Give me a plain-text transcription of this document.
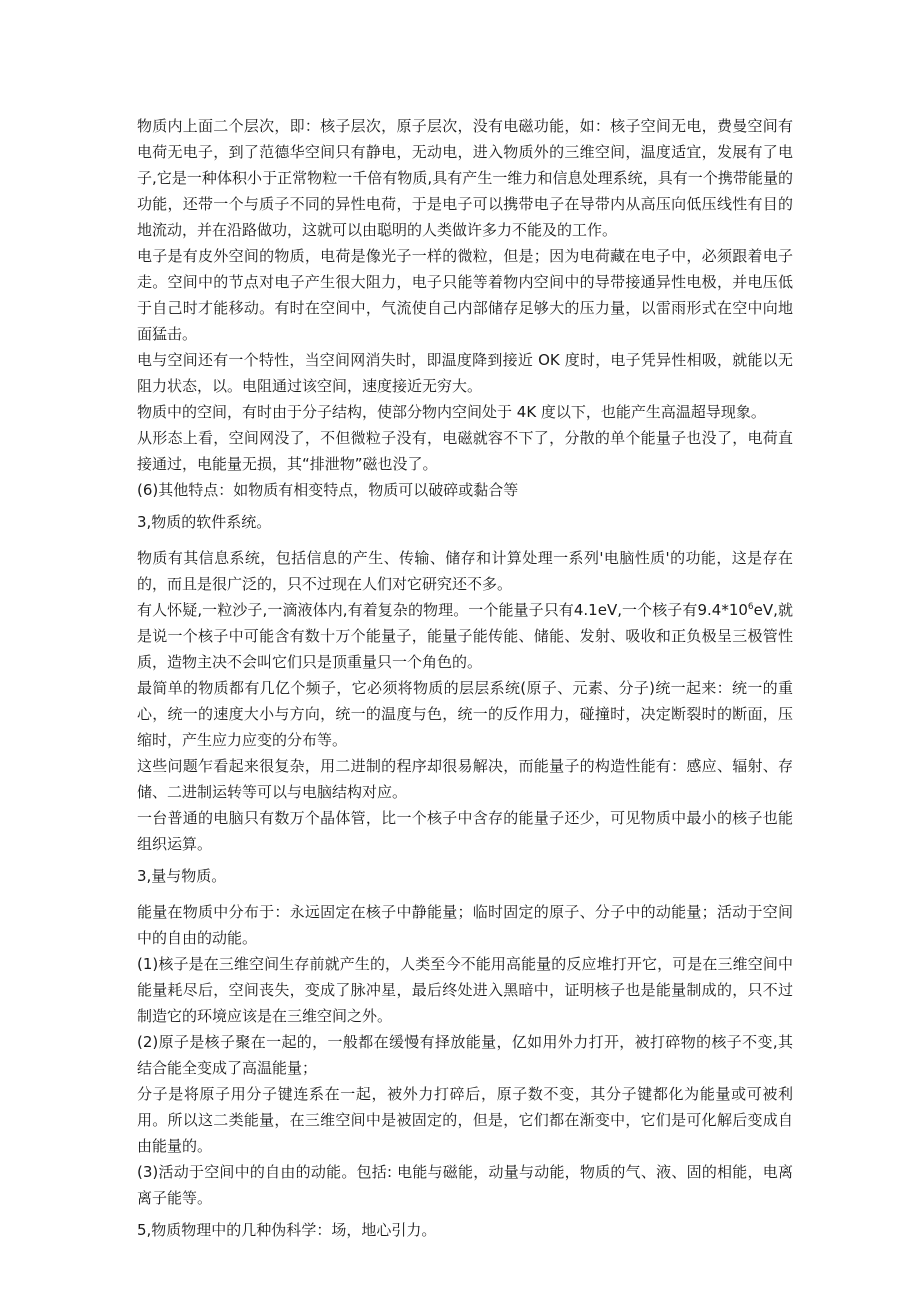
物质内上面二个层次，即：核子层次，原子层次，没有电磁功能，如：核子空间无电，费曼空间有电荷无电子，到了范德华空间只有静电，无动电，进入物质外的三维空间，温度适宜，发展有了电子,它是一种体积小于正常物粒一千倍有物质,具有产生一维力和信息处理系统，具有一个携带能量的功能，还带一个与质子不同的异性电荷，于是电子可以携带电子在导带内从高压向低压线性有目的地流动，并在沿路做功，这就可以由聪明的人类做许多力不能及的工作。

电子是有皮外空间的物质，电荷是像光子一样的微粒，但是；因为电荷藏在电子中，必须跟着电子走。空间中的节点对电子产生很大阻力，电子只能等着物内空间中的导带接通异性电极，并电压低于自己时才能移动。有时在空间中，气流使自己内部储存足够大的压力量，以雷雨形式在空中向地面猛击。

电与空间还有一个特性，当空间网消失时，即温度降到接近 OK 度时，电子凭异性相吸，就能以无阻力状态，以。电阻通过该空间，速度接近无穷大。

物质中的空间，有时由于分子结构，使部分物内空间处于 4K 度以下，也能产生高温超导现象。

从形态上看，空间网没了，不但微粒子没有，电磁就容不下了，分散的单个能量子也没了，电荷直接通过，电能量无损，其“排泄物”磁也没了。

(6)其他特点：如物质有相变特点，物质可以破碎或黏合等

3,物质的软件系统。

物质有其信息系统，包括信息的产生、传输、储存和计算处理一系列'电脑性质'的功能，这是存在的，而且是很广泛的，只不过现在人们对它研究还不多。

有人怀疑,一粒沙子,一滴液体内,有着复杂的物理。一个能量子只有4.1eV,一个核子有$9.4*10^6eV$,就是说一个核子中可能含有数十万个能量子，能量子能传能、储能、发射、吸收和正负极呈三极管性质，造物主决不会叫它们只是顶重量只一个角色的。

最简单的物质都有几亿个频子，它必须将物质的层层系统(原子、元素、分子)统一起来：统一的重心，统一的速度大小与方向，统一的温度与色，统一的反作用力，碰撞时，决定断裂时的断面，压缩时，产生应力应变的分布等。

这些问题乍看起来很复杂，用二进制的程序却很易解决，而能量子的构造性能有：感应、辐射、存储、二进制运转等可以与电脑结构对应。

一台普通的电脑只有数万个晶体管，比一个核子中含存的能量子还少，可见物质中最小的核子也能组织运算。

3,量与物质。

能量在物质中分布于：永远固定在核子中静能量；临时固定的原子、分子中的动能量；活动于空间中的自由的动能。

(1)核子是在三维空间生存前就产生的，人类至今不能用高能量的反应堆打开它，可是在三维空间中能量耗尽后，空间丧失，变成了脉冲星，最后终处进入黑暗中，证明核子也是能量制成的，只不过制造它的环境应该是在三维空间之外。

(2)原子是核子聚在一起的，一般都在缓慢有择放能量，亿如用外力打开，被打碎物的核子不变,其结合能全变成了高温能量；

分子是将原子用分子键连系在一起，被外力打碎后，原子数不变，其分子键都化为能量或可被利用。所以这二类能量，在三维空间中是被固定的，但是，它们都在渐变中，它们是可化解后变成自由能量的。

(3)活动于空间中的自由的动能。包括: 电能与磁能，动量与动能，物质的气、液、固的相能，电离离子能等。

5,物质物理中的几种伪科学：场，地心引力。
